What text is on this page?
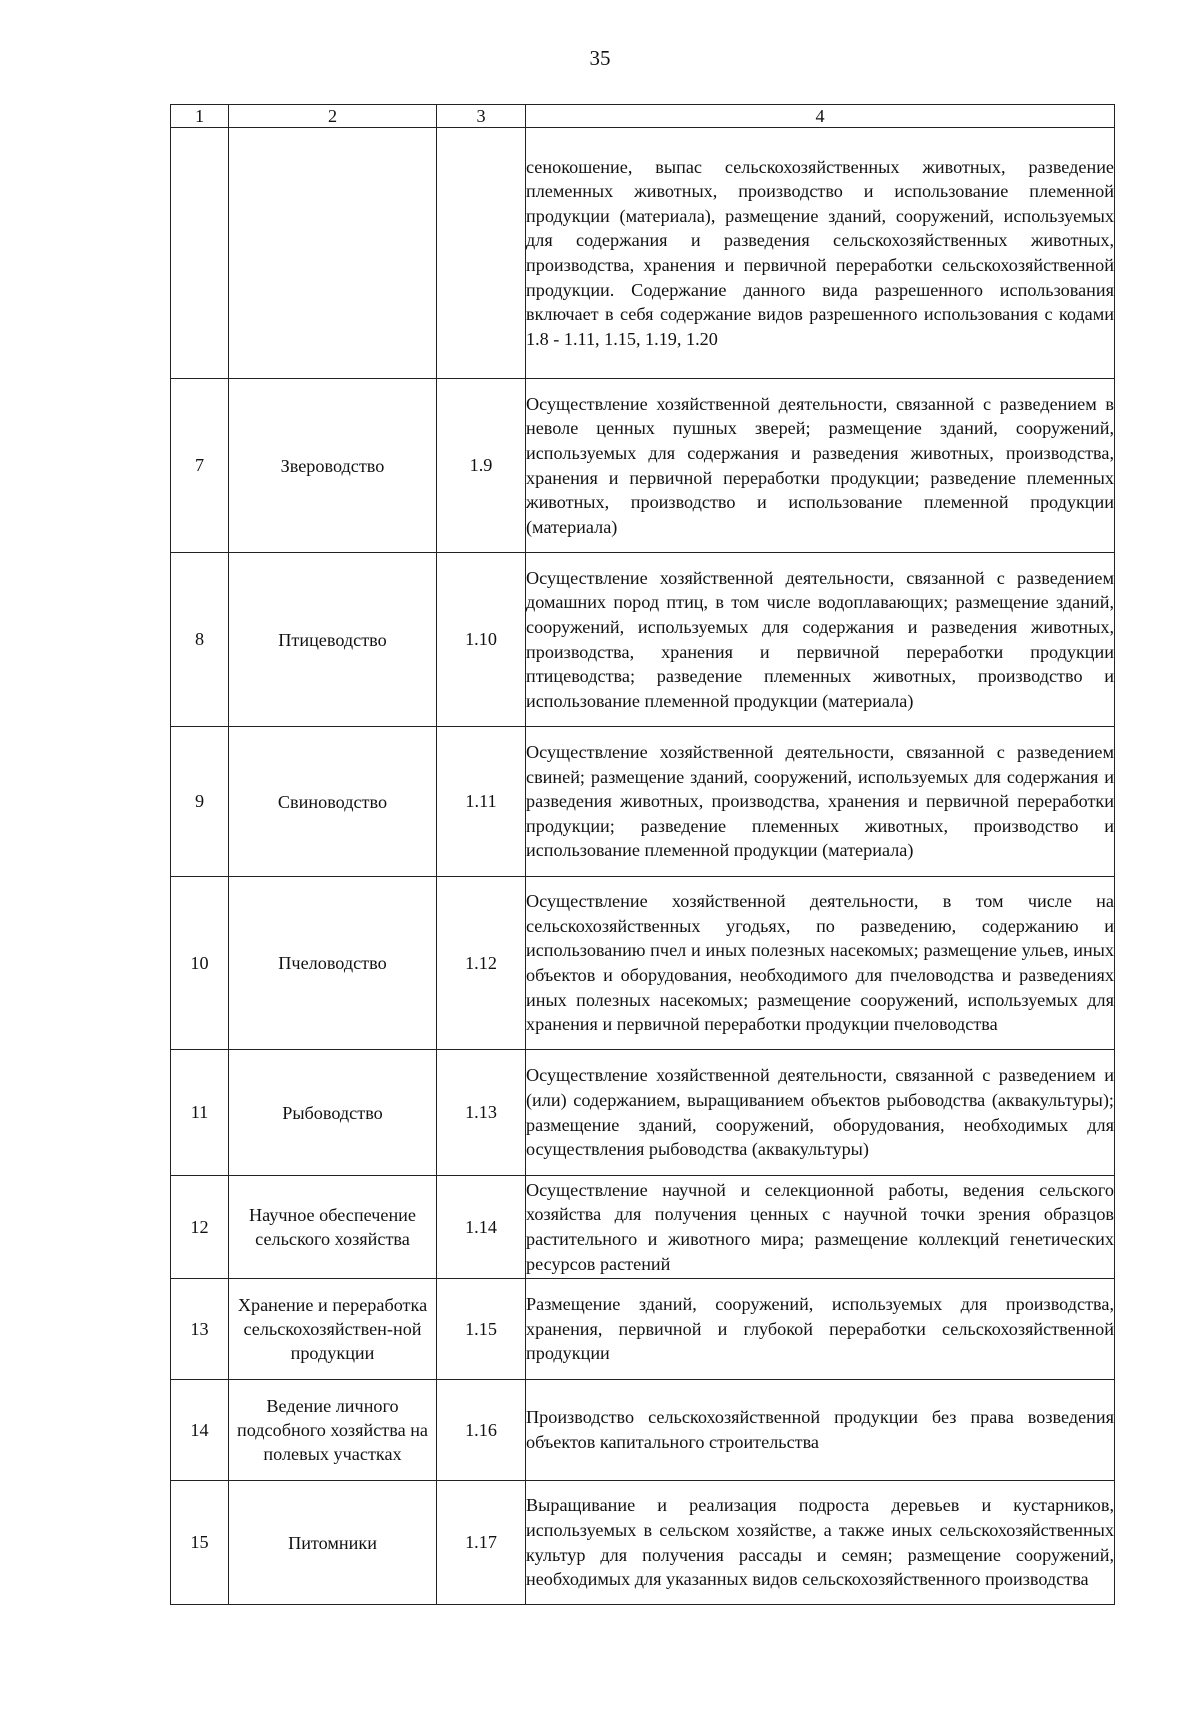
35
1	2	3	4
			сенокошение, выпас сельскохозяйственных животных, разведение племенных животных, производство и использование племенной продукции (материала), размещение зданий, сооружений, используемых для содержания и разведения сельскохозяйственных животных, производства, хранения и первичной переработки сельскохозяйственной продукции. Содержание данного вида разрешенного использования включает в себя содержание видов разрешенного использования с кодами 1.8 - 1.11, 1.15, 1.19, 1.20
7	Звероводство	1.9	Осуществление хозяйственной деятельности, связанной с разведением в неволе ценных пушных зверей; размещение зданий, сооружений, используемых для содержания и разведения животных, производства, хранения и первичной переработки продукции; разведение племенных животных, производство и использование племенной продукции (материала)
8	Птицеводство	1.10	Осуществление хозяйственной деятельности, связанной с разведением домашних пород птиц, в том числе водоплавающих; размещение зданий, сооружений, используемых для содержания и разведения животных, производства, хранения и первичной переработки продукции птицеводства; разведение племенных животных, производство и использование племенной продукции (материала)
9	Свиноводство	1.11	Осуществление хозяйственной деятельности, связанной с разведением свиней; размещение зданий, сооружений, используемых для содержания и разведения животных, производства, хранения и первичной переработки продукции; разведение племенных животных, производство и использование племенной продукции (материала)
10	Пчеловодство	1.12	Осуществление хозяйственной деятельности, в том числе на сельскохозяйственных угодьях, по разведению, содержанию и использованию пчел и иных полезных насекомых; размещение ульев, иных объектов и оборудования, необходимого для пчеловодства и разведениях иных полезных насекомых; размещение сооружений, используемых для хранения и первичной переработки продукции пчеловодства
11	Рыбоводство	1.13	Осуществление хозяйственной деятельности, связанной с разведением и (или) содержанием, выращиванием объектов рыбоводства (аквакультуры); размещение зданий, сооружений, оборудования, необходимых для осуществления рыбоводства (аквакультуры)
12	Научное обеспечение сельского хозяйства	1.14	Осуществление научной и селекционной работы, ведения сельского хозяйства для получения ценных с научной точки зрения образцов растительного и животного мира; размещение коллекций генетических ресурсов растений
13	Хранение и переработка сельскохозяйствен-ной продукции	1.15	Размещение зданий, сооружений, используемых для производства, хранения, первичной и глубокой переработки сельскохозяйственной продукции
14	Ведение личного подсобного хозяйства на полевых участках	1.16	Производство сельскохозяйственной продукции без права возведения объектов капитального строительства
15	Питомники	1.17	Выращивание и реализация подроста деревьев и кустарников, используемых в сельском хозяйстве, а также иных сельскохозяйственных культур для получения рассады и семян; размещение сооружений, необходимых для указанных видов сельскохозяйственного производства
